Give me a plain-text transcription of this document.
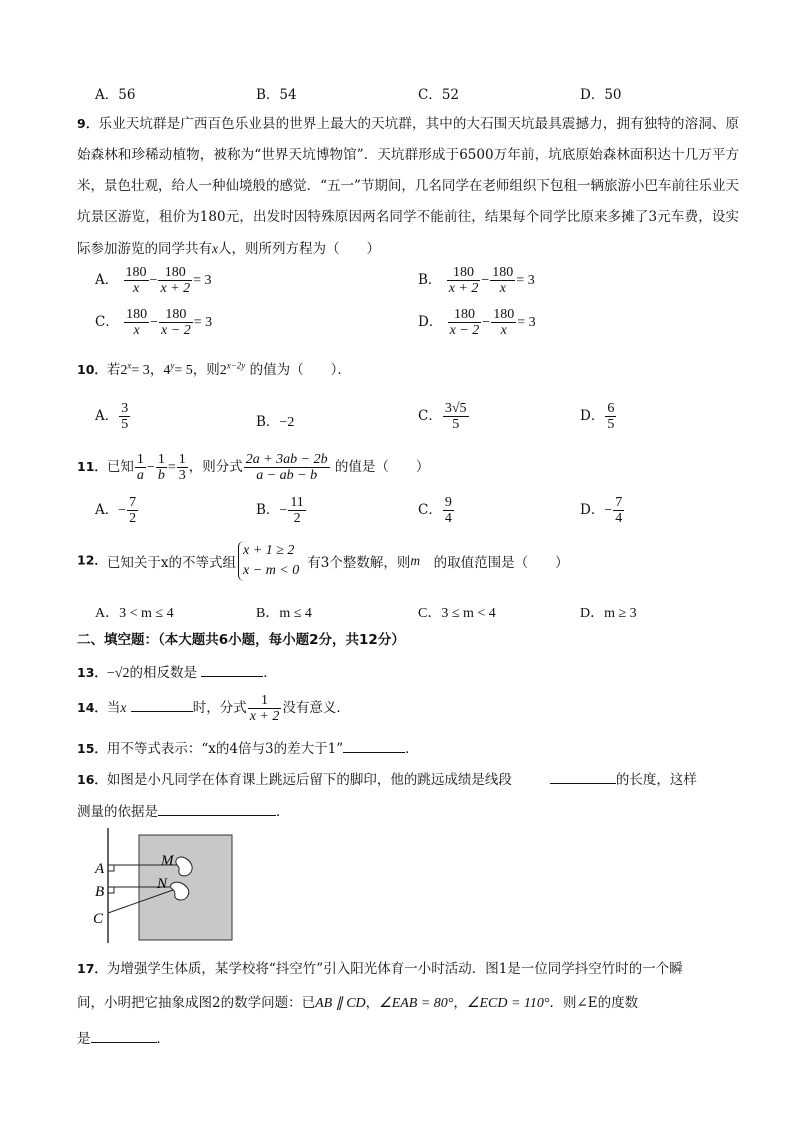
A．56	B．54	C．52	D．50
9．乐业天坑群是广西百色乐业县的世界上最大的天坑群，其中的大石围天坑最具震撼力，拥有独特的溶洞、原始森林和珍稀动植物，被称为“世界天坑博物馆”．天坑群形成于6500万年前，坑底原始森林面积达十几万平方米，景色壮观，给人一种仙境般的感觉．“五一”节期间，几名同学在老师组织下包租一辆旅游小巴车前往乐业天坑景区游览，租价为180元，出发时因特殊原因两名同学不能前往，结果每个同学比原来多摊了3元车费，设实际参加游览的同学共有x人，则所列方程为（　　）
A． $\frac{180}{x} - \frac{180}{x + 2} = 3$	B． $\frac{180}{x + 2} - \frac{180}{x} = 3$
C． $\frac{180}{x} - \frac{180}{x - 2} = 3$	D． $\frac{180}{x - 2} - \frac{180}{x} = 3$
10．若$2^x= 3$，$4^y= 5$，则$2^{x-2y}$ 的值为（　　）．
A． $\frac{3}{5}$	B．−2	C． $\frac{3√5}{5}$	D． $\frac{6}{5}$
11．已知 $\frac{1}{a} - \frac{1}{b} = \frac{1}{3}$ ，则分式 $\frac{2a + 3ab - 2b}{a - ab - b}$ 的值是（　　）
A．− $\frac{7}{2}$	B．− $\frac{11}{2}$	C． $\frac{9}{4}$	D．− $\frac{7}{4}$
12．已知关于x的不等式组
x + 1 ≥ 2
x − m < 0 有3个整数解，则m　 的取值范围是（　　）
A．3 < m ≤ 4	B．m ≤ 4	C．3 ≤ m < 4	D．m ≥ 3
二、填空题：（本大题共6小题，每小题2分，共12分）
13．−√2的相反数是	．
14．当x	时，分式 $\frac{1}{x + 2}$ 没有意义．
15．用不等式表示：“x的4倍与3的差大于1”	．
16．如图是小凡同学在体育课上跳远后留下的脚印，他的跳远成绩是线段	的长度，这样
测量的依据是	．
A
B
C
M
N
17．为增强学生体质，某学校将“抖空竹”引入阳光体育一小时活动．图1是一位同学抖空竹时的一个瞬
间，小明把它抽象成图2的数学问题：已AB ∥ CD，∠EAB = 80°，∠ECD = 110°．则∠E的度数
是	．
